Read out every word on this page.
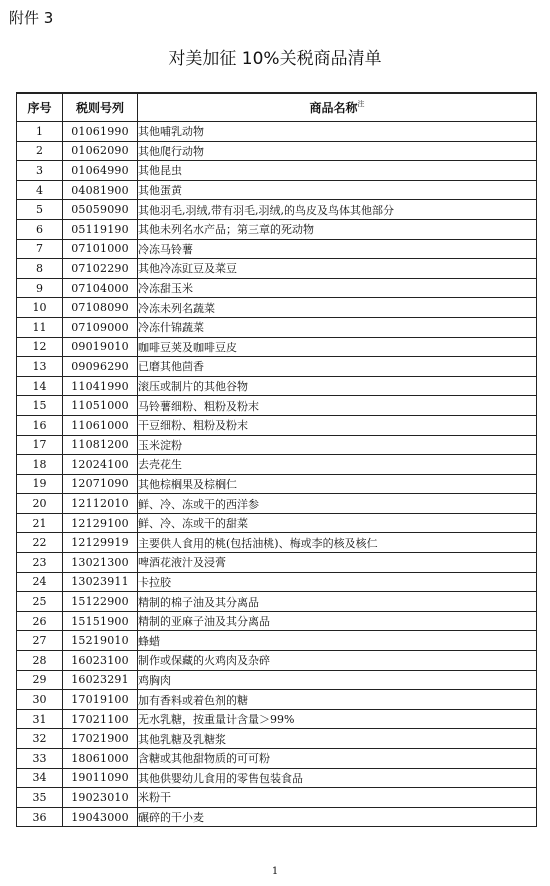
附件 3
对美加征 10%关税商品清单
序号	税则号列	商品名称$^注$
1	01061990	其他哺乳动物
2	01062090	其他爬行动物
3	01064990	其他昆虫
4	04081900	其他蛋黄
5	05059090	其他羽毛,羽绒,带有羽毛,羽绒,的鸟皮及鸟体其他部分
6	05119190	其他未列名水产品；第三章的死动物
7	07101000	冷冻马铃薯
8	07102290	其他冷冻豇豆及菜豆
9	07104000	冷冻甜玉米
10	07108090	冷冻未列名蔬菜
11	07109000	冷冻什锦蔬菜
12	09019010	咖啡豆荚及咖啡豆皮
13	09096290	已磨其他茴香
14	11041990	滚压或制片的其他谷物
15	11051000	马铃薯细粉、粗粉及粉末
16	11061000	干豆细粉、粗粉及粉末
17	11081200	玉米淀粉
18	12024100	去壳花生
19	12071090	其他棕榈果及棕榈仁
20	12112010	鲜、冷、冻或干的西洋参
21	12129100	鲜、冷、冻或干的甜菜
22	12129919	主要供人食用的桃(包括油桃)、梅或李的核及核仁
23	13021300	啤酒花液汁及浸膏
24	13023911	卡拉胶
25	15122900	精制的棉子油及其分离品
26	15151900	精制的亚麻子油及其分离品
27	15219010	蜂蜡
28	16023100	制作或保藏的火鸡肉及杂碎
29	16023291	鸡胸肉
30	17019100	加有香料或着色剂的糖
31	17021100	无水乳糖，按重量计含量＞99%
32	17021900	其他乳糖及乳糖浆
33	18061000	含糖或其他甜物质的可可粉
34	19011090	其他供婴幼儿食用的零售包装食品
35	19023010	米粉干
36	19043000	碾碎的干小麦
1
